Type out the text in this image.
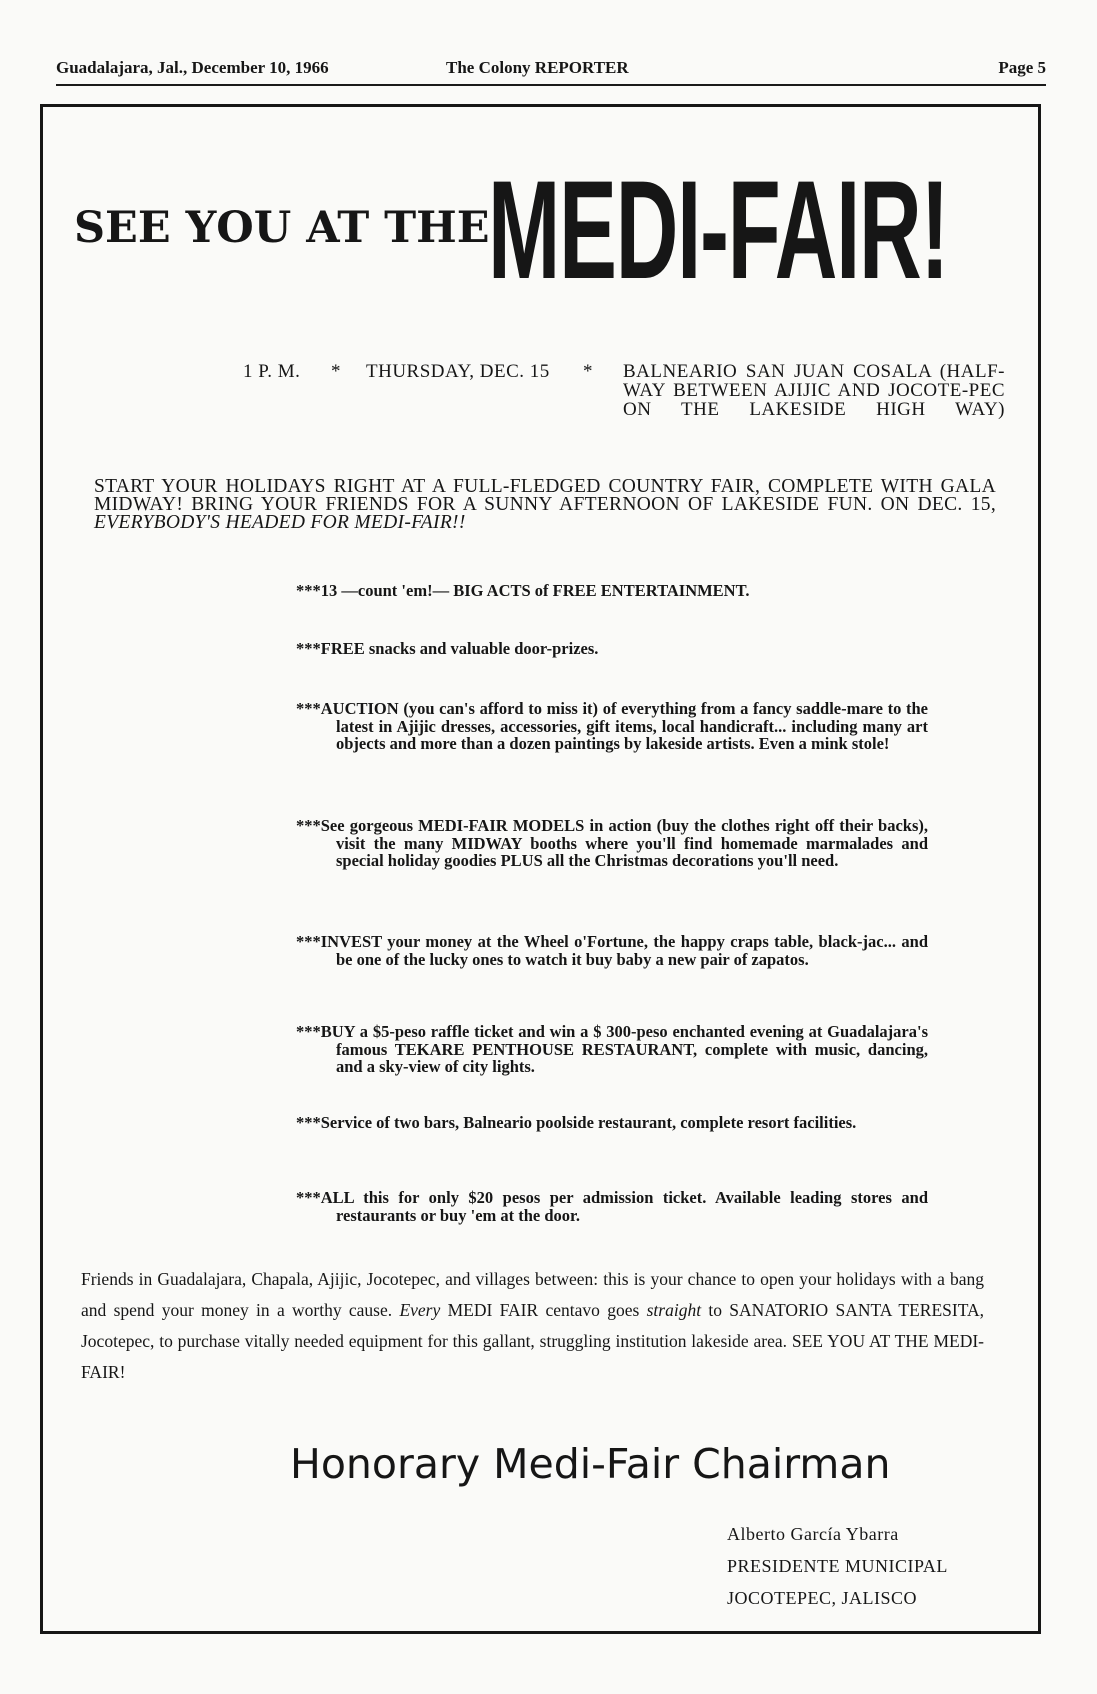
Guadalajara, Jal., December 10, 1966	The Colony REPORTER	Page 5
SEE YOU AT THE
MEDI-FAIR!
1 P. M. * THURSDAY, DEC. 15 * BALNEARIO SAN JUAN COSALA (HALF-WAY BETWEEN AJIJIC AND JOCOTE-PEC ON THE LAKESIDE HIGH WAY)
START YOUR HOLIDAYS RIGHT AT A FULL-FLEDGED COUNTRY FAIR, COMPLETE WITH GALA MIDWAY! BRING YOUR FRIENDS FOR A SUNNY AFTERNOON OF LAKESIDE FUN. ON DEC. 15, EVERYBODY'S HEADED FOR MEDI-FAIR!!
***13 —count 'em!— BIG ACTS of FREE ENTERTAINMENT.
***FREE snacks and valuable door-prizes.
***AUCTION (you can's afford to miss it) of everything from a fancy saddle-mare to the latest in Ajijic dresses, accessories, gift items, local handicraft... including many art objects and more than a dozen paintings by lakeside artists. Even a mink stole!
***See gorgeous MEDI-FAIR MODELS in action (buy the clothes right off their backs), visit the many MIDWAY booths where you'll find homemade marmalades and special holiday goodies PLUS all the Christmas decorations you'll need.
***INVEST your money at the Wheel o'Fortune, the happy craps table, black-jac... and be one of the lucky ones to watch it buy baby a new pair of zapatos.
***BUY a $5-peso raffle ticket and win a $ 300-peso enchanted evening at Guadalajara's famous TEKARE PENTHOUSE RESTAURANT, complete with music, dancing, and a sky-view of city lights.
***Service of two bars, Balneario poolside restaurant, complete resort facilities.
***ALL this for only $20 pesos per admission ticket. Available leading stores and restaurants or buy 'em at the door.
Friends in Guadalajara, Chapala, Ajijic, Jocotepec, and villages between: this is your chance to open your holidays with a bang and spend your money in a worthy cause. Every MEDI FAIR centavo goes straight to SANATORIO SANTA TERESITA, Jocotepec, to purchase vitally needed equipment for this gallant, struggling institution lakeside area. SEE YOU AT THE MEDI-FAIR!
Honorary Medi-Fair Chairman
Alberto García Ybarra
PRESIDENTE MUNICIPAL
JOCOTEPEC, JALISCO
